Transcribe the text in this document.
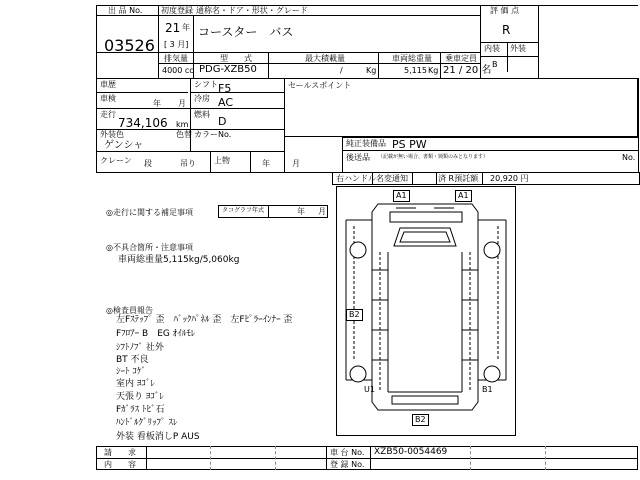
出 品 No.
03526
初度登録
21 年
[ 3 月]
通称名・ドア・形状・グレード
コースター　バス
評 価 点
R
内装 外装
B
排気量	型　　式	最大積載量	車両総重量 乗車定員
4000 cc PDG-XZB50	/	Kg	5,115 Kg 21 / 20 名
車歴	シフト F5
車検
年 月
冷房 AC
走行
734,106 km
燃料
D
外装色
ゲンシャ
色替 カラーNo.
クレーン 段	吊り 上物	年	月
セールスポイント
純正装備品 PS PW
後送品 （記載が無い場合、書類・锁類のみとなります）	No.
右ハンドル 名変通知	済 R預託額 20,920 円
◎走行に関する補足事項	タコグラフ年式	年 月
◎不具合箇所・注意事項
車両総重量5,115kg/5,060kg
◎検査員報告
左Fｽﾃｯﾌﾟ 歪　ﾊﾞｯｸﾊﾟﾈﾙ 歪　左Fﾋﾟﾗｰｲﾝﾅｰ 歪
Fﾌﾛｱｰ B　EG ｵｲﾙﾓﾚ
ｼﾌﾄﾉﾌﾞ 社外
BT 不良
ｼｰﾄ ｺｹﾞ
室内 ﾖｺﾞﾚ
天張り ﾖｺﾞﾚ
Fｶﾞﾗｽ ﾄﾋﾞ石
ﾊﾝﾄﾞﾙｸﾞﾘｯﾌﾟ ｽﾚ
外装 看板消しP AUS
A1	A1
B2
U1	B1
B2
請　　求
内　　容
車 台 No. XZB50-0054469
登 録 No.
